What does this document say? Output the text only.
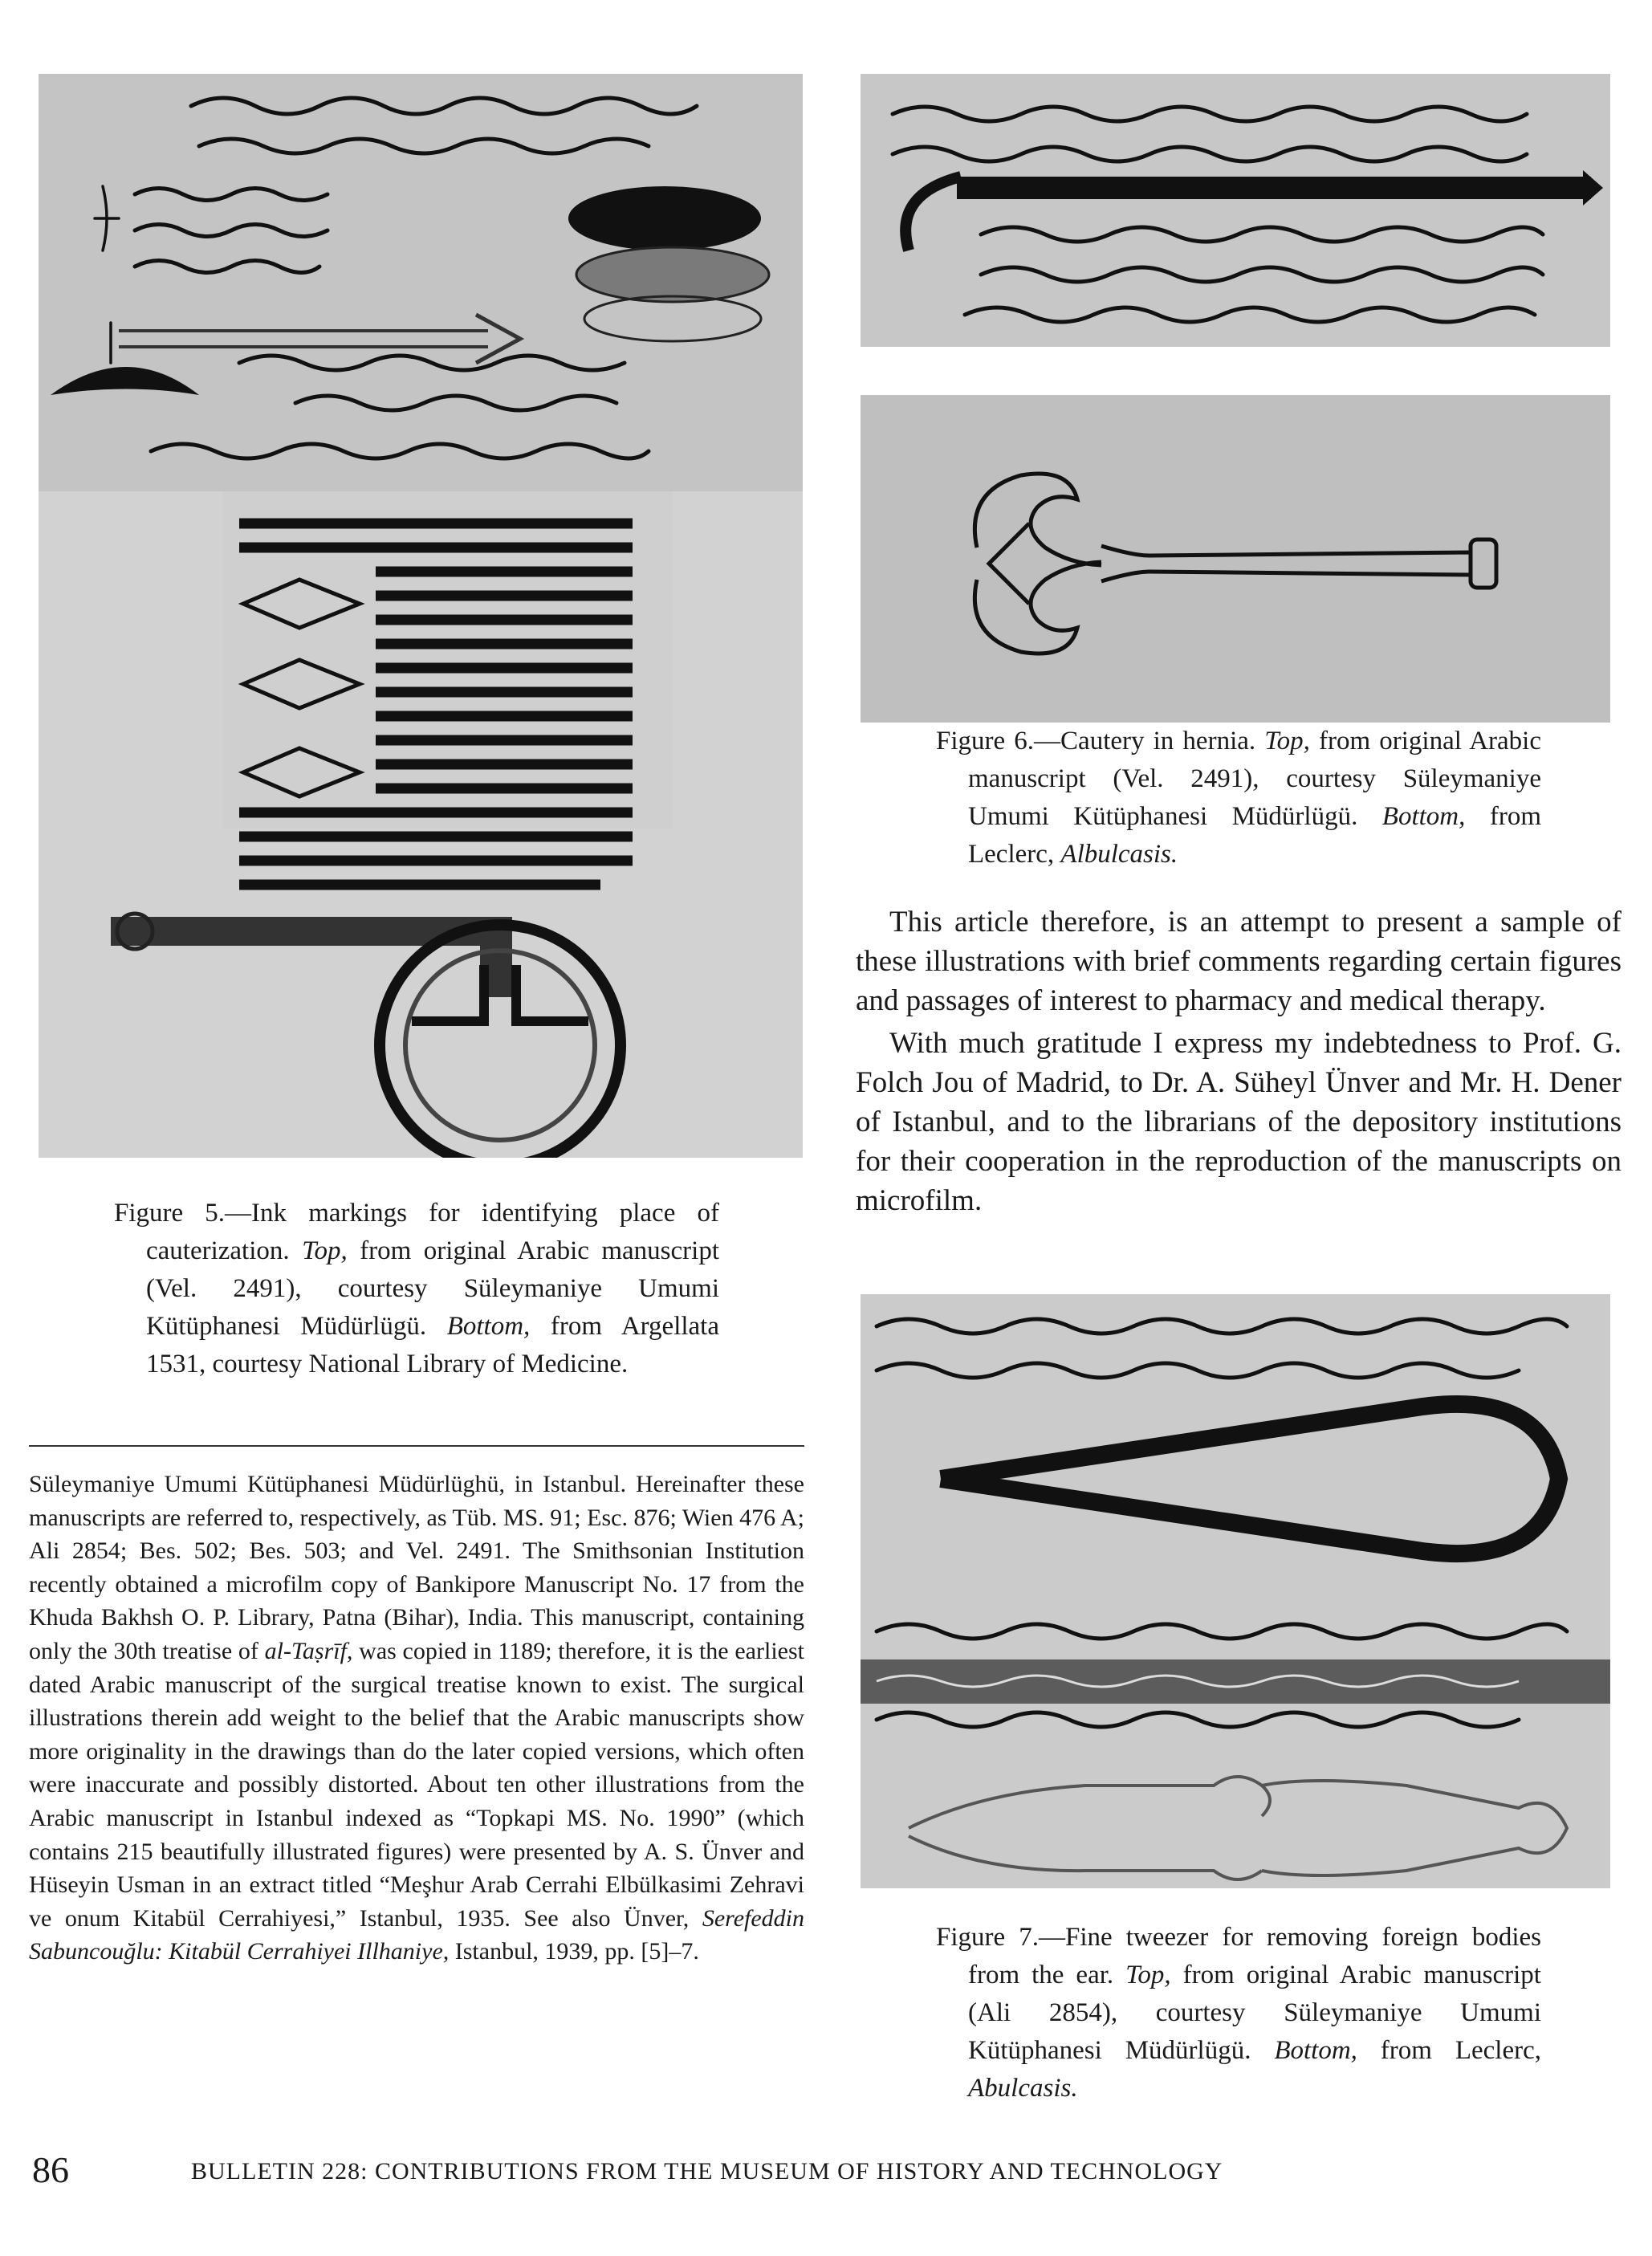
Figure 5.—Ink markings for identifying place of cauterization. Top, from original Arabic manuscript (Vel. 2491), courtesy Süleymaniye Umumi Kütüphanesi Müdürlügü. Bottom, from Argellata 1531, courtesy National Library of Medicine.

Süleymaniye Umumi Kütüphanesi Müdürlüghü, in Istanbul. Hereinafter these manuscripts are referred to, respectively, as Tüb. MS. 91; Esc. 876; Wien 476 A; Ali 2854; Bes. 502; Bes. 503; and Vel. 2491. The Smithsonian Institution recently obtained a microfilm copy of Bankipore Manuscript No. 17 from the Khuda Bakhsh O. P. Library, Patna (Bihar), India. This manuscript, containing only the 30th treatise of al-Taṣrīf, was copied in 1189; therefore, it is the earliest dated Arabic manuscript of the surgical treatise known to exist. The surgical illustrations therein add weight to the belief that the Arabic manuscripts show more originality in the drawings than do the later copied versions, which often were inaccurate and possibly distorted. About ten other illustrations from the Arabic manuscript in Istanbul indexed as “Topkapi MS. No. 1990” (which contains 215 beautifully illustrated figures) were presented by A. S. Ünver and Hüseyin Usman in an extract titled “Meşhur Arab Cerrahi Elbülkasimi Zehravi ve onum Kitabül Cerrahiyesi,” Istanbul, 1935. See also Ünver, Serefeddin Sabuncouğlu: Kitabül Cerrahiyei Illhaniye, Istanbul, 1939, pp. [5]–7.

Figure 6.—Cautery in hernia. Top, from original Arabic manuscript (Vel. 2491), courtesy Süleymaniye Umumi Kütüphanesi Müdürlügü. Bottom, from Leclerc, Albulcasis.

This article therefore, is an attempt to present a sample of these illustrations with brief comments regarding certain figures and passages of interest to pharmacy and medical therapy.

With much gratitude I express my indebtedness to Prof. G. Folch Jou of Madrid, to Dr. A. Süheyl Ünver and Mr. H. Dener of Istanbul, and to the librarians of the depository institutions for their cooperation in the reproduction of the manuscripts on microfilm.

Figure 7.—Fine tweezer for removing foreign bodies from the ear. Top, from original Arabic manuscript (Ali 2854), courtesy Süleymaniye Umumi Kütüphanesi Müdürlügü. Bottom, from Leclerc, Abulcasis.

86	BULLETIN 228: CONTRIBUTIONS FROM THE MUSEUM OF HISTORY AND TECHNOLOGY
